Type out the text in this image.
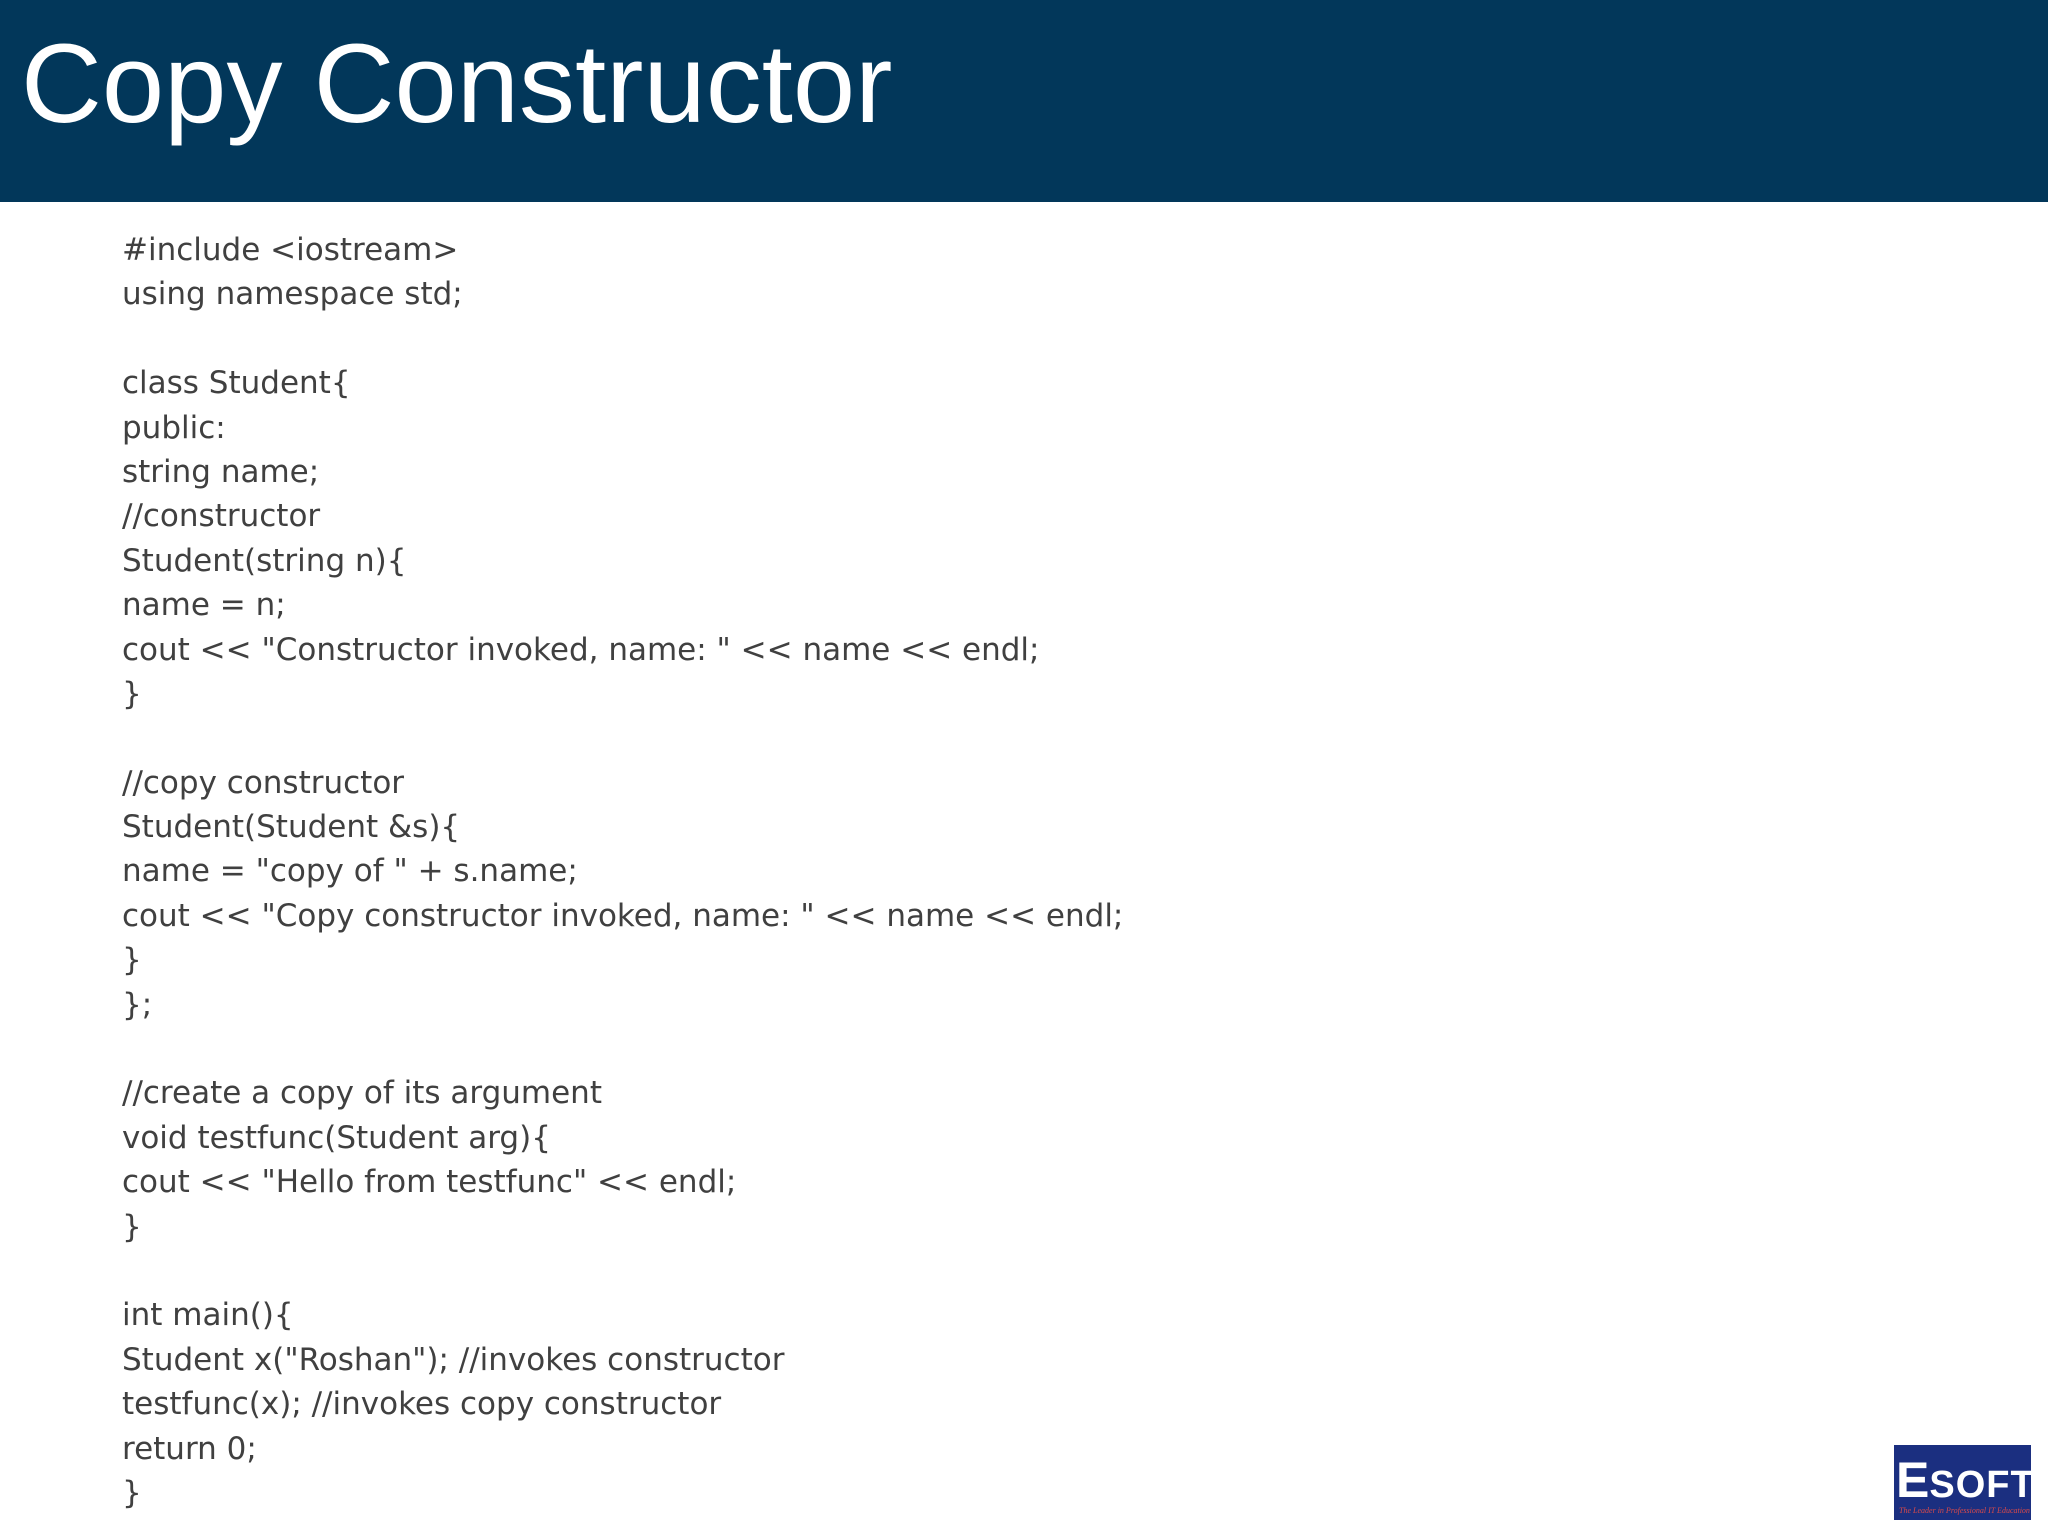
Copy Constructor
#include <iostream>
using namespace std;
class Student{
public:
string name;
//constructor
Student(string n){
name = n;
cout << "Constructor invoked, name: " << name << endl;
}
//copy constructor
Student(Student &s){
name = "copy of " + s.name;
cout << "Copy constructor invoked, name: " << name << endl;
}
};
//create a copy of its argument
void testfunc(Student arg){
cout << "Hello from testfunc" << endl;
}
int main(){
Student x("Roshan"); //invokes constructor
testfunc(x); //invokes copy constructor
return 0;
}	ESOFT
The Leader in Professional IT Education
